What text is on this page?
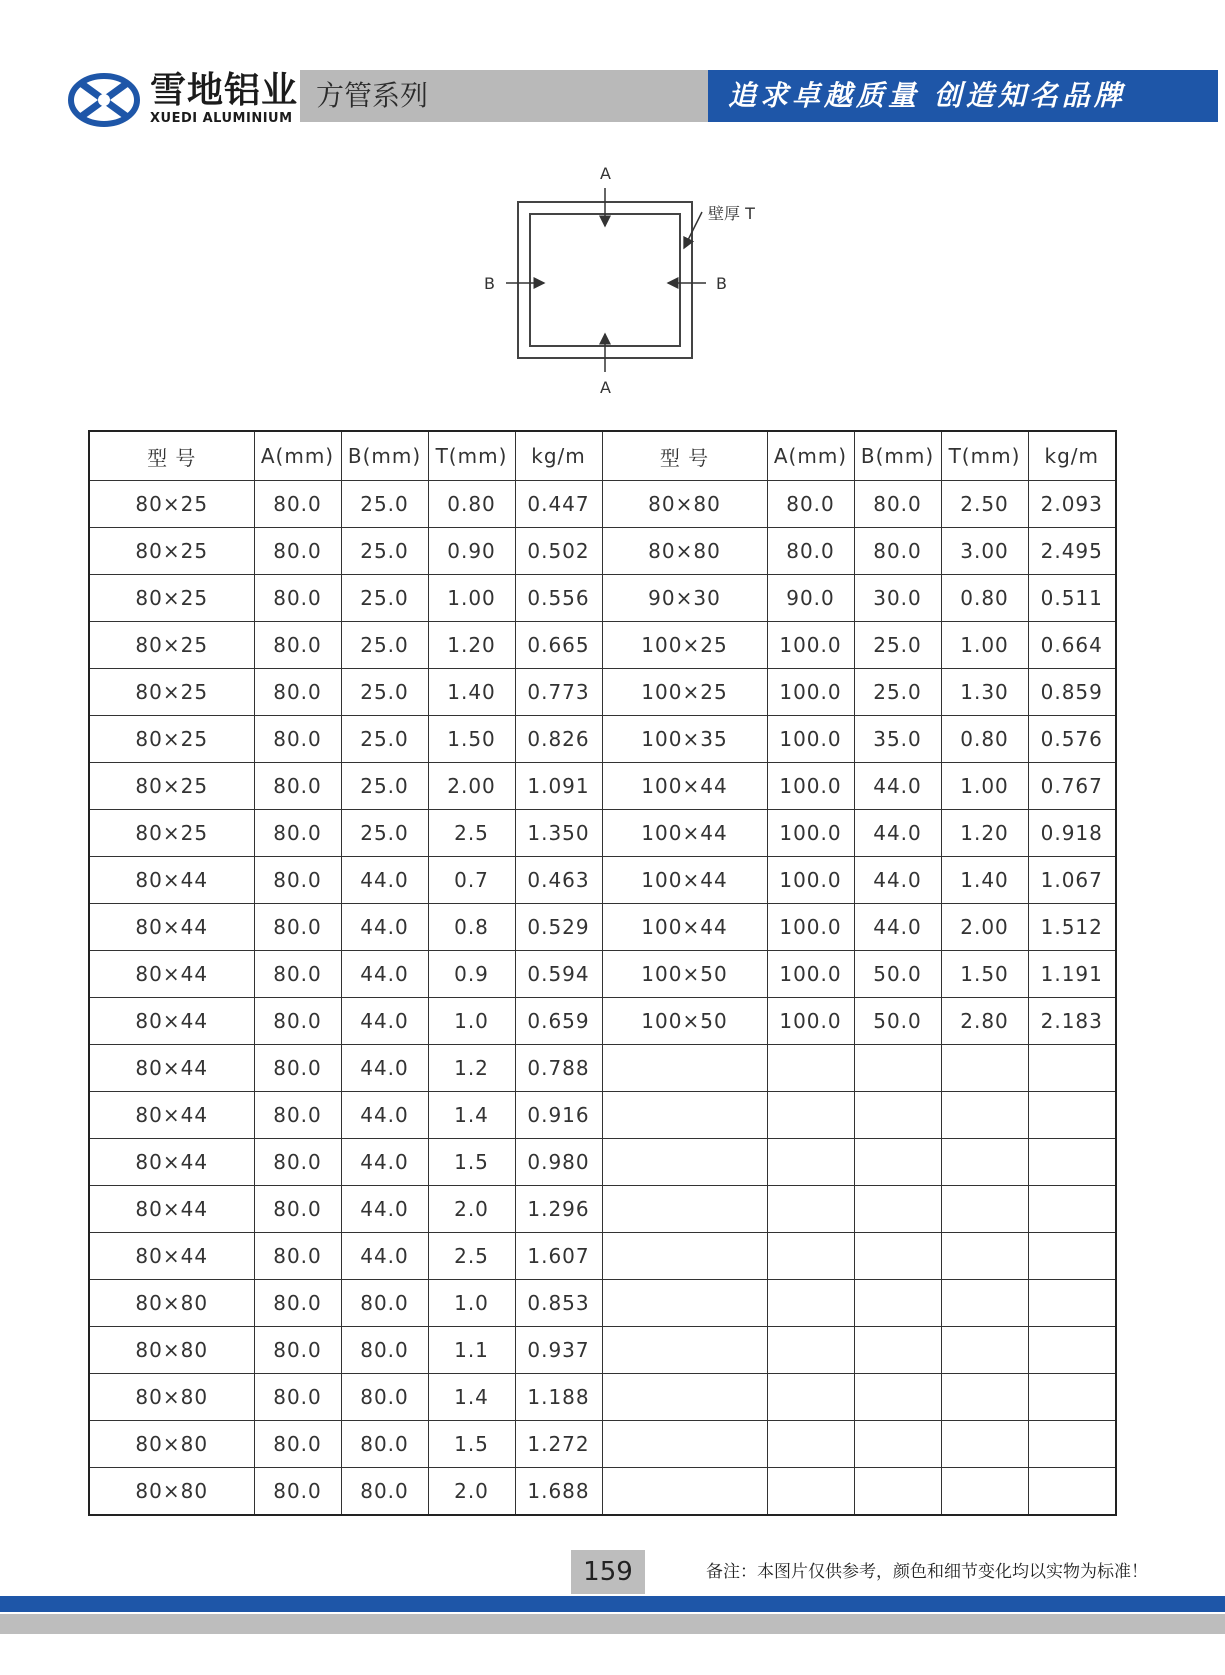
雪地铝业
XUEDI ALUMINIUM
方管系列	追求卓越质量 创造知名品牌
A
A
B	B
壁厚 T
型 号	A(mm)	B(mm)	T(mm)	kg/m	型 号	A(mm)	B(mm)	T(mm)	kg/m
80×25	80.0	25.0	0.80	0.447	80×80	80.0	80.0	2.50	2.093
80×25	80.0	25.0	0.90	0.502	80×80	80.0	80.0	3.00	2.495
80×25	80.0	25.0	1.00	0.556	90×30	90.0	30.0	0.80	0.511
80×25	80.0	25.0	1.20	0.665	100×25	100.0	25.0	1.00	0.664
80×25	80.0	25.0	1.40	0.773	100×25	100.0	25.0	1.30	0.859
80×25	80.0	25.0	1.50	0.826	100×35	100.0	35.0	0.80	0.576
80×25	80.0	25.0	2.00	1.091	100×44	100.0	44.0	1.00	0.767
80×25	80.0	25.0	2.5	1.350	100×44	100.0	44.0	1.20	0.918
80×44	80.0	44.0	0.7	0.463	100×44	100.0	44.0	1.40	1.067
80×44	80.0	44.0	0.8	0.529	100×44	100.0	44.0	2.00	1.512
80×44	80.0	44.0	0.9	0.594	100×50	100.0	50.0	1.50	1.191
80×44	80.0	44.0	1.0	0.659	100×50	100.0	50.0	2.80	2.183
80×44	80.0	44.0	1.2	0.788					
80×44	80.0	44.0	1.4	0.916					
80×44	80.0	44.0	1.5	0.980					
80×44	80.0	44.0	2.0	1.296					
80×44	80.0	44.0	2.5	1.607					
80×80	80.0	80.0	1.0	0.853					
80×80	80.0	80.0	1.1	0.937					
80×80	80.0	80.0	1.4	1.188					
80×80	80.0	80.0	1.5	1.272					
80×80	80.0	80.0	2.0	1.688					
159	备注：本图片仅供参考，颜色和细节变化均以实物为标准！
